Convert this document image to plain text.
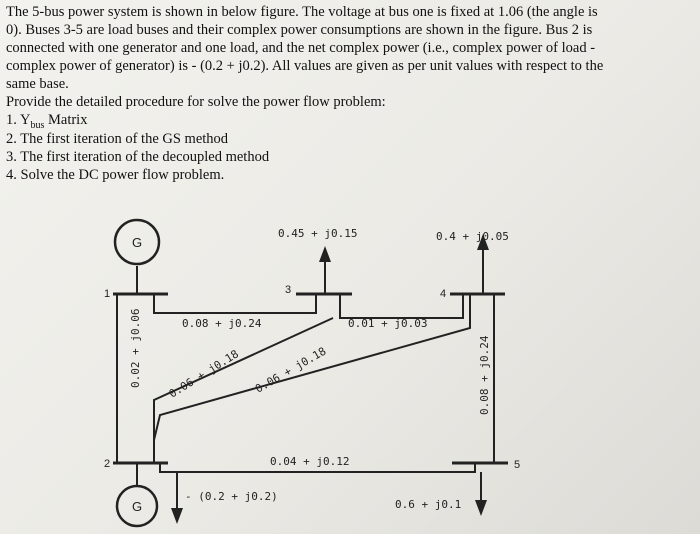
The 5-bus power system is shown in below figure. The voltage at bus one is fixed at 1.06 (the angle is
0). Buses 3-5 are load buses and their complex power consumptions are shown in the figure. Bus 2 is
connected with one generator and one load, and the net complex power (i.e., complex power of load -
complex power of generator) is - (0.2 + j0.2). All values are given as per unit values with respect to the
same base.
Provide the detailed procedure for solve the power flow problem:
1. $Y_{bus}$ Matrix
2. The first iteration of the GS method
3. The first iteration of the decoupled method
4. Solve the DC power flow problem.
G
G
1
2
3	4
5
0.45 + j0.15	0.4 + j0.05
- (0.2 + j0.2)
0.6 + j0.1
0.02 + j0.06	0.08 + j0.24	0.01 + j0.03
0.06 + j0.18 0.06 + j0.18
0.04 + j0.12
0.08 + j0.24
